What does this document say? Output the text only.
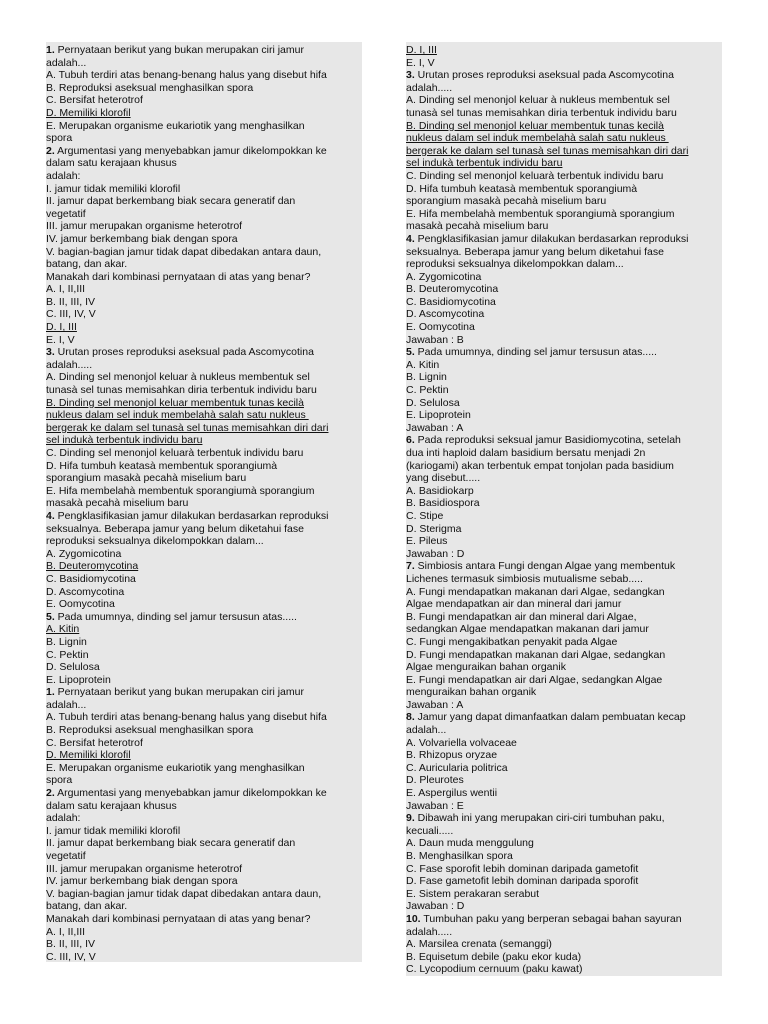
1. Pernyataan berikut yang bukan merupakan ciri jamur
adalah...
A. Tubuh terdiri atas benang-benang halus yang disebut hifa
B. Reproduksi aseksual menghasilkan spora
C. Bersifat heterotrof
D. Memiliki klorofil
E. Merupakan organisme eukariotik yang menghasilkan
spora
2. Argumentasi yang menyebabkan jamur dikelompokkan ke
dalam satu kerajaan khusus
adalah:
I. jamur tidak memiliki klorofil
II. jamur dapat berkembang biak secara generatif dan
vegetatif
III. jamur merupakan organisme heterotrof
IV. jamur berkembang biak dengan spora
V. bagian-bagian jamur tidak dapat dibedakan antara daun,
batang, dan akar.
Manakah dari kombinasi pernyataan di atas yang benar?
A. I, II,III
B. II, III, IV
C. III, IV, V
D. I, III
E. I, V
3. Urutan proses reproduksi aseksual pada Ascomycotina
adalah.....
A. Dinding sel menonjol keluar à nukleus membentuk sel
tunasà sel tunas memisahkan diria terbentuk individu baru
B. Dinding sel menonjol keluar membentuk tunas kecilà
nukleus dalam sel induk membelahà salah satu nukleus
bergerak ke dalam sel tunasà sel tunas memisahkan diri dari
sel indukà terbentuk individu baru
C. Dinding sel menonjol keluarà terbentuk individu baru
D. Hifa tumbuh keatasà membentuk sporangiumà
sporangium masakà pecahà miselium baru
E. Hifa membelahà membentuk sporangiumà sporangium
masakà pecahà miselium baru
4. Pengklasifikasian jamur dilakukan berdasarkan reproduksi
seksualnya. Beberapa jamur yang belum diketahui fase
reproduksi seksualnya dikelompokkan dalam...
A. Zygomicotina
B. Deuteromycotina
C. Basidiomycotina
D. Ascomycotina
E. Oomycotina
5. Pada umumnya, dinding sel jamur tersusun atas.....
A. Kitin
B. Lignin
C. Pektin
D. Selulosa
E. Lipoprotein
1. Pernyataan berikut yang bukan merupakan ciri jamur
adalah...
A. Tubuh terdiri atas benang-benang halus yang disebut hifa
B. Reproduksi aseksual menghasilkan spora
C. Bersifat heterotrof
D. Memiliki klorofil
E. Merupakan organisme eukariotik yang menghasilkan
spora
2. Argumentasi yang menyebabkan jamur dikelompokkan ke
dalam satu kerajaan khusus
adalah:
I. jamur tidak memiliki klorofil
II. jamur dapat berkembang biak secara generatif dan
vegetatif
III. jamur merupakan organisme heterotrof
IV. jamur berkembang biak dengan spora
V. bagian-bagian jamur tidak dapat dibedakan antara daun,
batang, dan akar.
Manakah dari kombinasi pernyataan di atas yang benar?
A. I, II,III
B. II, III, IV
C. III, IV, V
D. I, III
E. I, V
3. Urutan proses reproduksi aseksual pada Ascomycotina
adalah.....
A. Dinding sel menonjol keluar à nukleus membentuk sel
tunasà sel tunas memisahkan diria terbentuk individu baru
B. Dinding sel menonjol keluar membentuk tunas kecilà
nukleus dalam sel induk membelahà salah satu nukleus
bergerak ke dalam sel tunasà sel tunas memisahkan diri dari
sel indukà terbentuk individu baru
C. Dinding sel menonjol keluarà terbentuk individu baru
D. Hifa tumbuh keatasà membentuk sporangiumà
sporangium masakà pecahà miselium baru
E. Hifa membelahà membentuk sporangiumà sporangium
masakà pecahà miselium baru
4. Pengklasifikasian jamur dilakukan berdasarkan reproduksi
seksualnya. Beberapa jamur yang belum diketahui fase
reproduksi seksualnya dikelompokkan dalam...
A. Zygomicotina
B. Deuteromycotina
C. Basidiomycotina
D. Ascomycotina
E. Oomycotina
Jawaban : B
5. Pada umumnya, dinding sel jamur tersusun atas.....
A. Kitin
B. Lignin
C. Pektin
D. Selulosa
E. Lipoprotein
Jawaban : A
6. Pada reproduksi seksual jamur Basidiomycotina, setelah
dua inti haploid dalam basidium bersatu menjadi 2n
(kariogami) akan terbentuk empat tonjolan pada basidium
yang disebut.....
A. Basidiokarp
B. Basidiospora
C. Stipe
D. Sterigma
E. Pileus
Jawaban : D
7. Simbiosis antara Fungi dengan Algae yang membentuk
Lichenes termasuk simbiosis mutualisme sebab.....
A. Fungi mendapatkan makanan dari Algae, sedangkan
Algae mendapatkan air dan mineral dari jamur
B. Fungi mendapatkan air dan mineral dari Algae,
sedangkan Algae mendapatkan makanan dari jamur
C. Fungi mengakibatkan penyakit pada Algae
D. Fungi mendapatkan makanan dari Algae, sedangkan
Algae menguraikan bahan organik
E. Fungi mendapatkan air dari Algae, sedangkan Algae
menguraikan bahan organik
Jawaban : A
8. Jamur yang dapat dimanfaatkan dalam pembuatan kecap
adalah...
A. Volvariella volvaceae
B. Rhizopus oryzae
C. Auricularia politrica
D. Pleurotes
E. Aspergilus wentii
Jawaban : E
9. Dibawah ini yang merupakan ciri-ciri tumbuhan paku,
kecuali.....
A. Daun muda menggulung
B. Menghasilkan spora
C. Fase sporofit lebih dominan daripada gametofit
D. Fase gametofit lebih dominan daripada sporofit
E. Sistem perakaran serabut
Jawaban : D
10. Tumbuhan paku yang berperan sebagai bahan sayuran
adalah.....
A. Marsilea crenata (semanggi)
B. Equisetum debile (paku ekor kuda)
C. Lycopodium cernuum (paku kawat)
